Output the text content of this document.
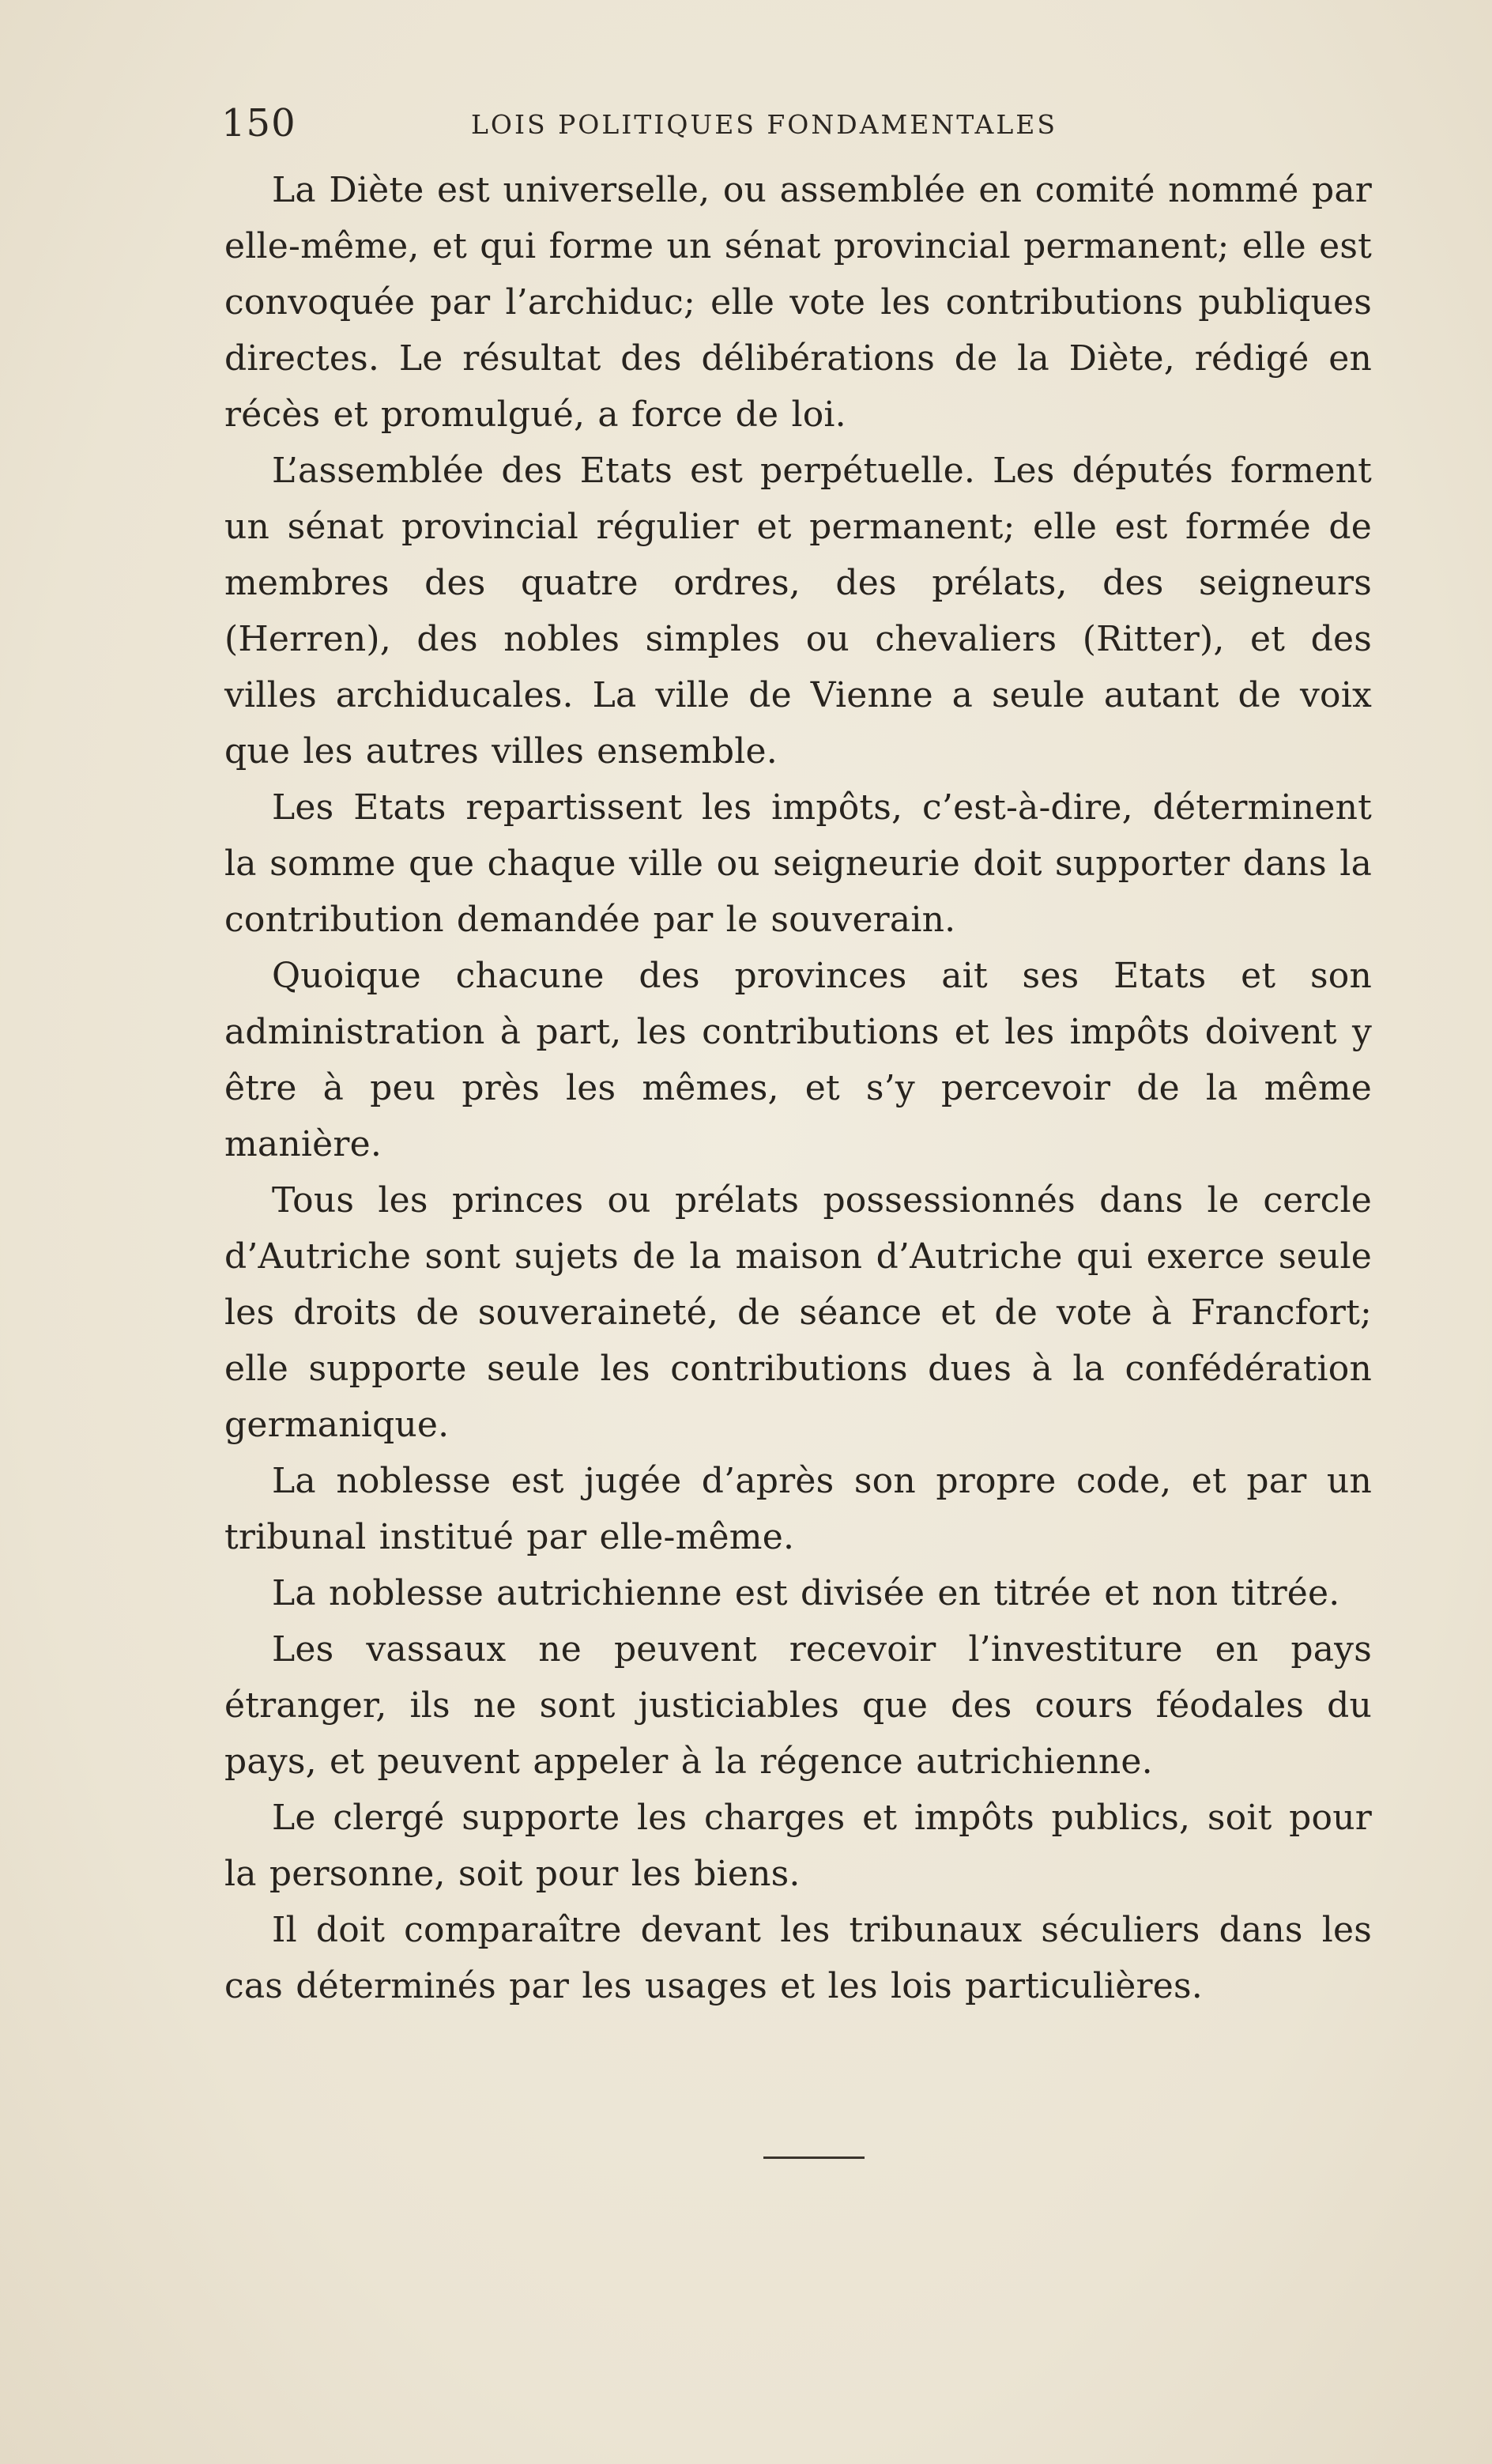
150	LOIS POLITIQUES FONDAMENTALES

La Diète est universelle, ou assemblée en comité nommé par elle-même, et qui forme un sénat provincial permanent; elle est convoquée par l’archiduc; elle vote les contributions publiques directes. Le résultat des délibérations de la Diète, rédigé en récès et promulgué, a force de loi.

L’assemblée des Etats est perpétuelle. Les députés forment un sénat provincial régulier et permanent; elle est formée de membres des quatre ordres, des prélats, des seigneurs (Herren), des nobles simples ou chevaliers (Ritter), et des villes archiducales. La ville de Vienne a seule autant de voix que les autres villes ensemble.

Les Etats repartissent les impôts, c’est-à-dire, déterminent la somme que chaque ville ou seigneurie doit supporter dans la contribution demandée par le souverain.

Quoique chacune des provinces ait ses Etats et son administration à part, les contributions et les impôts doivent y être à peu près les mêmes, et s’y percevoir de la même manière.

Tous les princes ou prélats possessionnés dans le cercle d’Autriche sont sujets de la maison d’Autriche qui exerce seule les droits de souveraineté, de séance et de vote à Francfort; elle supporte seule les contributions dues à la confédération germanique.

La noblesse est jugée d’après son propre code, et par un tribunal institué par elle-même.

La noblesse autrichienne est divisée en titrée et non titrée.

Les vassaux ne peuvent recevoir l’investiture en pays étranger, ils ne sont justiciables que des cours féodales du pays, et peuvent appeler à la régence autrichienne.

Le clergé supporte les charges et impôts publics, soit pour la personne, soit pour les biens.

Il doit comparaître devant les tribunaux séculiers dans les cas déterminés par les usages et les lois particulières.
